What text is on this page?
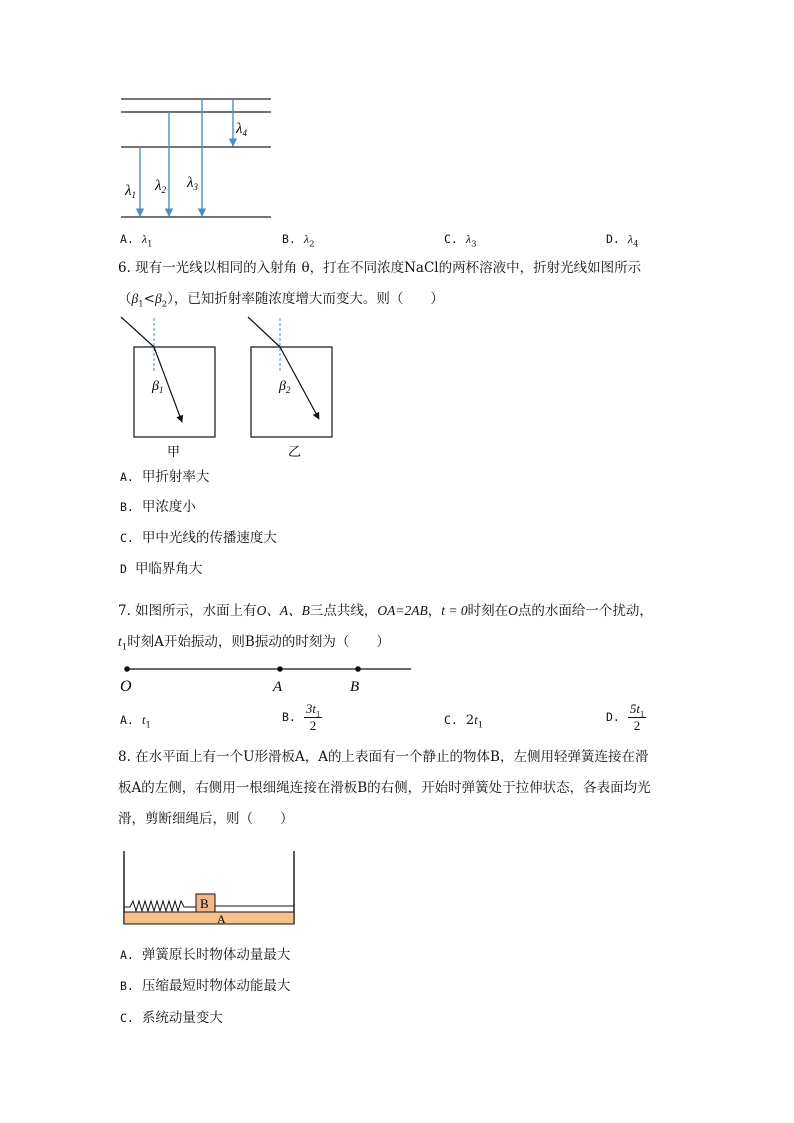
$\lambda_1$
$\lambda_2$ $\lambda_3$
$\lambda_4$
A. $\lambda_1$	B. $\lambda_2$	C. $\lambda_3$	D. $\lambda_4$
6. 现有一光线以相同的入射角 θ，打在不同浓度NaCl的两杯溶液中，折射光线如图所示
$(\beta_1<\beta_2)$，已知折射率随浓度增大而变大。则（　　）
$\beta_1$
甲
$\beta_2$
乙
A. 甲折射率大
B. 甲浓度小
C. 甲中光线的传播速度大
D 甲临界角大
7. 如图所示，水面上有O、A、B三点共线，OA=2AB，t = 0时刻在O点的水面给一个扰动，
$t_1$时刻A开始振动，则B振动的时刻为（　　）
O	A	B
A. $t_1$
B. $\frac{3t_1}{2}$	C. $2t_1$
D. $\frac{5t_1}{2}$
8. 在水平面上有一个U形滑板A，A的上表面有一个静止的物体B，左侧用轻弹簧连接在滑
板A的左侧，右侧用一根细绳连接在滑板B的右侧，开始时弹簧处于拉伸状态，各表面均光
滑，剪断细绳后，则（　　）
A
B
A. 弹簧原长时物体动量最大
B. 压缩最短时物体动能最大
C. 系统动量变大
